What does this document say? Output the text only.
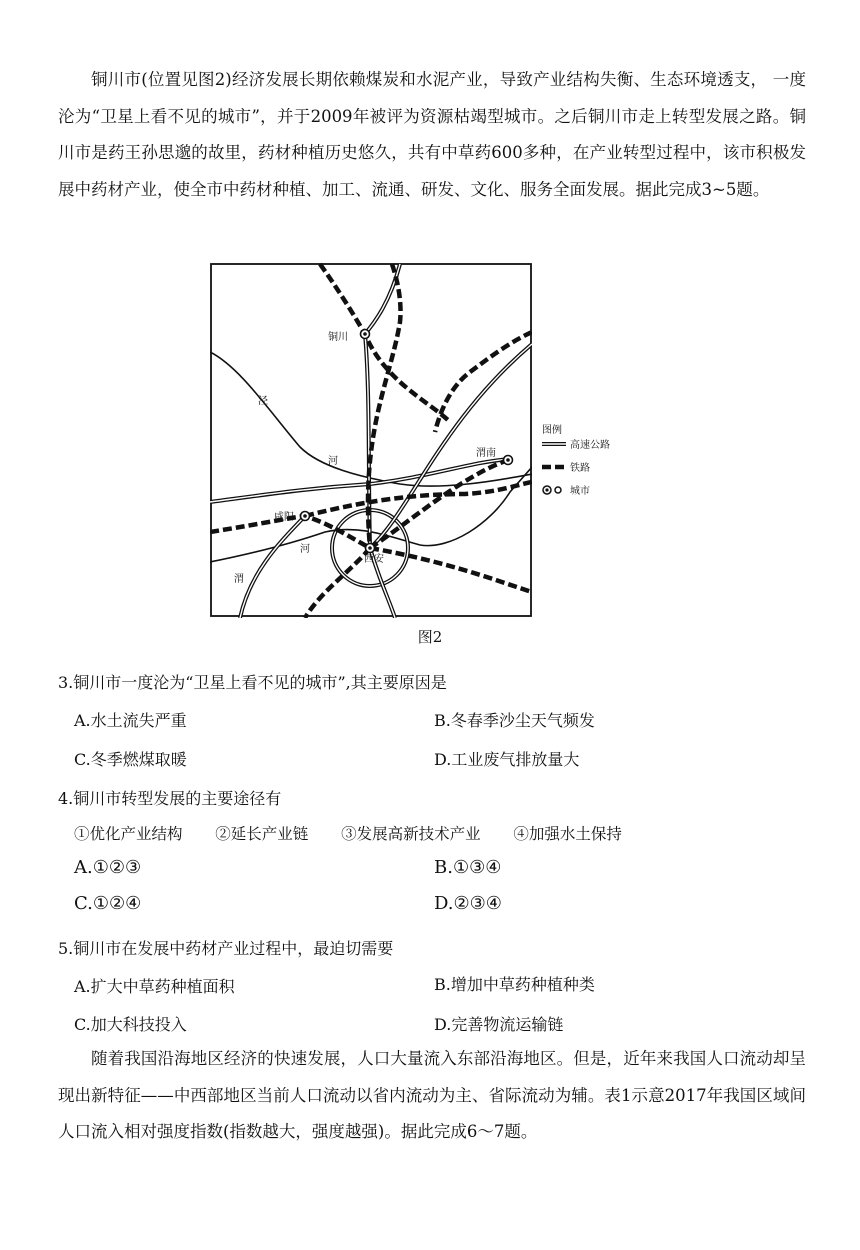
铜川市(位置见图2)经济发展长期依赖煤炭和水泥产业，导致产业结构失衡、生态环境透支， 一度沦为“卫星上看不见的城市”，并于2009年被评为资源枯竭型城市。之后铜川市走上转型发展之路。铜川市是药王孙思邈的故里，药材种植历史悠久，共有中草药600多种，在产业转型过程中，该市积极发展中药材产业，使全市中药材种植、加工、流通、研发、文化、服务全面发展。据此完成3~5题。

铜川
渭南
咸阳
西安
泾
河
渭
河
图例
高速公路
铁路
城市
图2
3.铜川市一度沦为“卫星上看不见的城市”,其主要原因是
A.水土流失严重	B.冬春季沙尘天气频发
C.冬季燃煤取暖	D.工业废气排放量大
4.铜川市转型发展的主要途径有
①优化产业结构 ②延长产业链 ③发展高新技术产业 ④加强水土保持
A.①②③	B.①③④
C.①②④	D.②③④
5.铜川市在发展中药材产业过程中，最迫切需要
A.扩大中草药种植面积	B.增加中草药种植种类
C.加大科技投入	D.完善物流运输链

随着我国沿海地区经济的快速发展，人口大量流入东部沿海地区。但是，近年来我国人口流动却呈现出新特征——中西部地区当前人口流动以省内流动为主、省际流动为辅。表1示意2017年我国区域间人口流入相对强度指数(指数越大，强度越强)。据此完成6～7题。
